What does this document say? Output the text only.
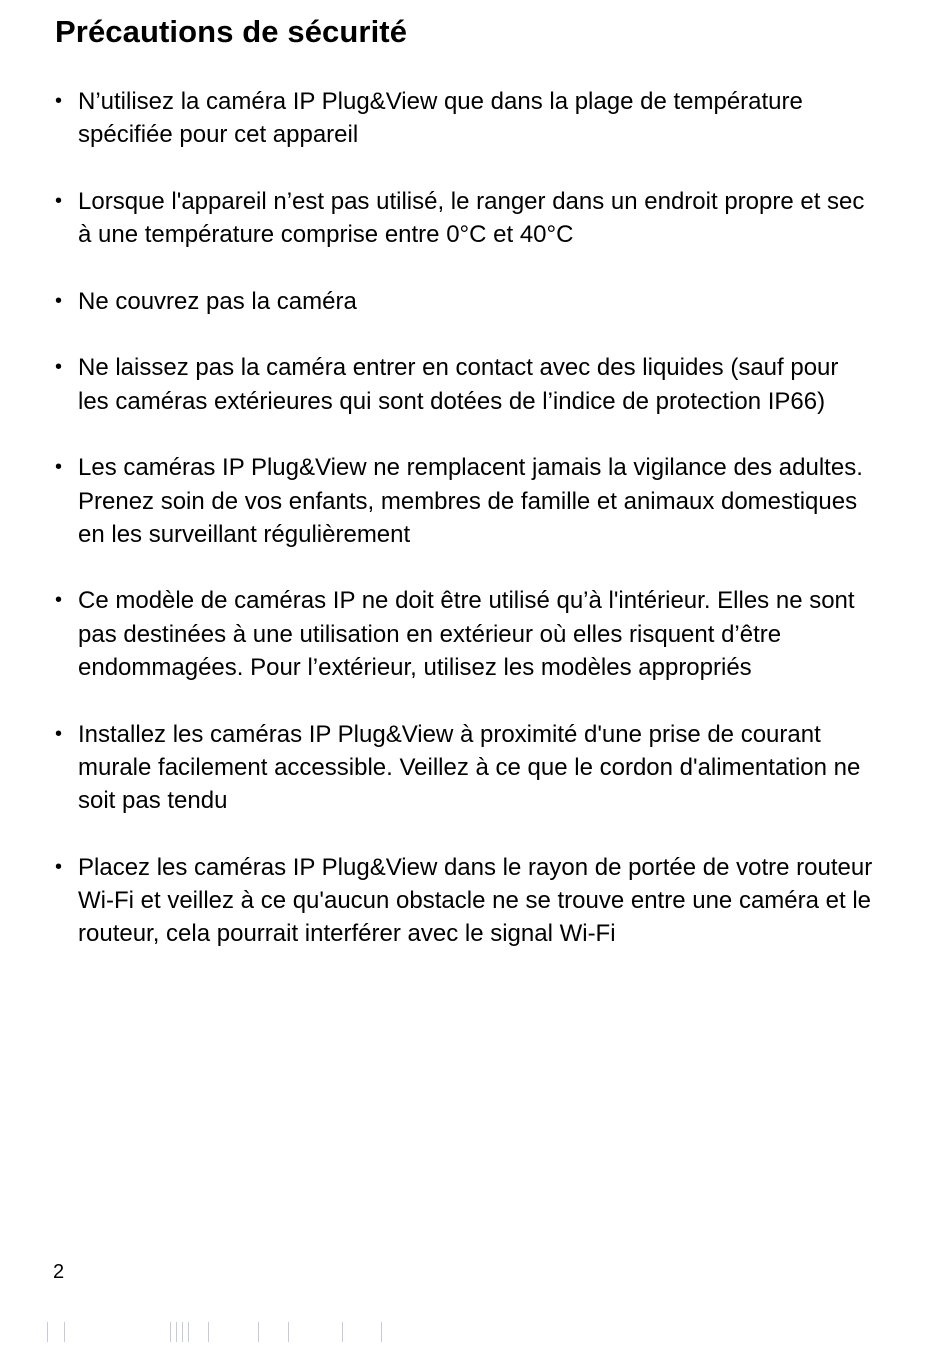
Précautions de sécurité
• N’utilisez la caméra IP Plug&View que dans la plage de température spécifiée pour cet appareil
• Lorsque l'appareil n’est pas utilisé, le ranger dans un endroit propre et sec à une température comprise entre 0°C et 40°C
• Ne couvrez pas la caméra
• Ne laissez pas la caméra entrer en contact avec des liquides (sauf pour les caméras extérieures qui sont dotées de l’indice de protection IP66)
• Les caméras IP Plug&View ne remplacent jamais la vigilance des adultes. Prenez soin de vos enfants, membres de famille et animaux domestiques en les surveillant régulièrement
• Ce modèle de caméras IP ne doit être utilisé qu’à l'intérieur. Elles ne sont pas destinées à une utilisation en extérieur où elles risquent d’être endommagées. Pour l’extérieur, utilisez les modèles appropriés
• Installez les caméras IP Plug&View à proximité d'une prise de courant murale facilement accessible. Veillez à ce que le cordon d'alimentation ne soit pas tendu
• Placez les caméras IP Plug&View dans le rayon de portée de votre routeur Wi-Fi et veillez à ce qu'aucun obstacle ne se trouve entre une caméra et le routeur, cela pourrait interférer avec le signal Wi-Fi
2
